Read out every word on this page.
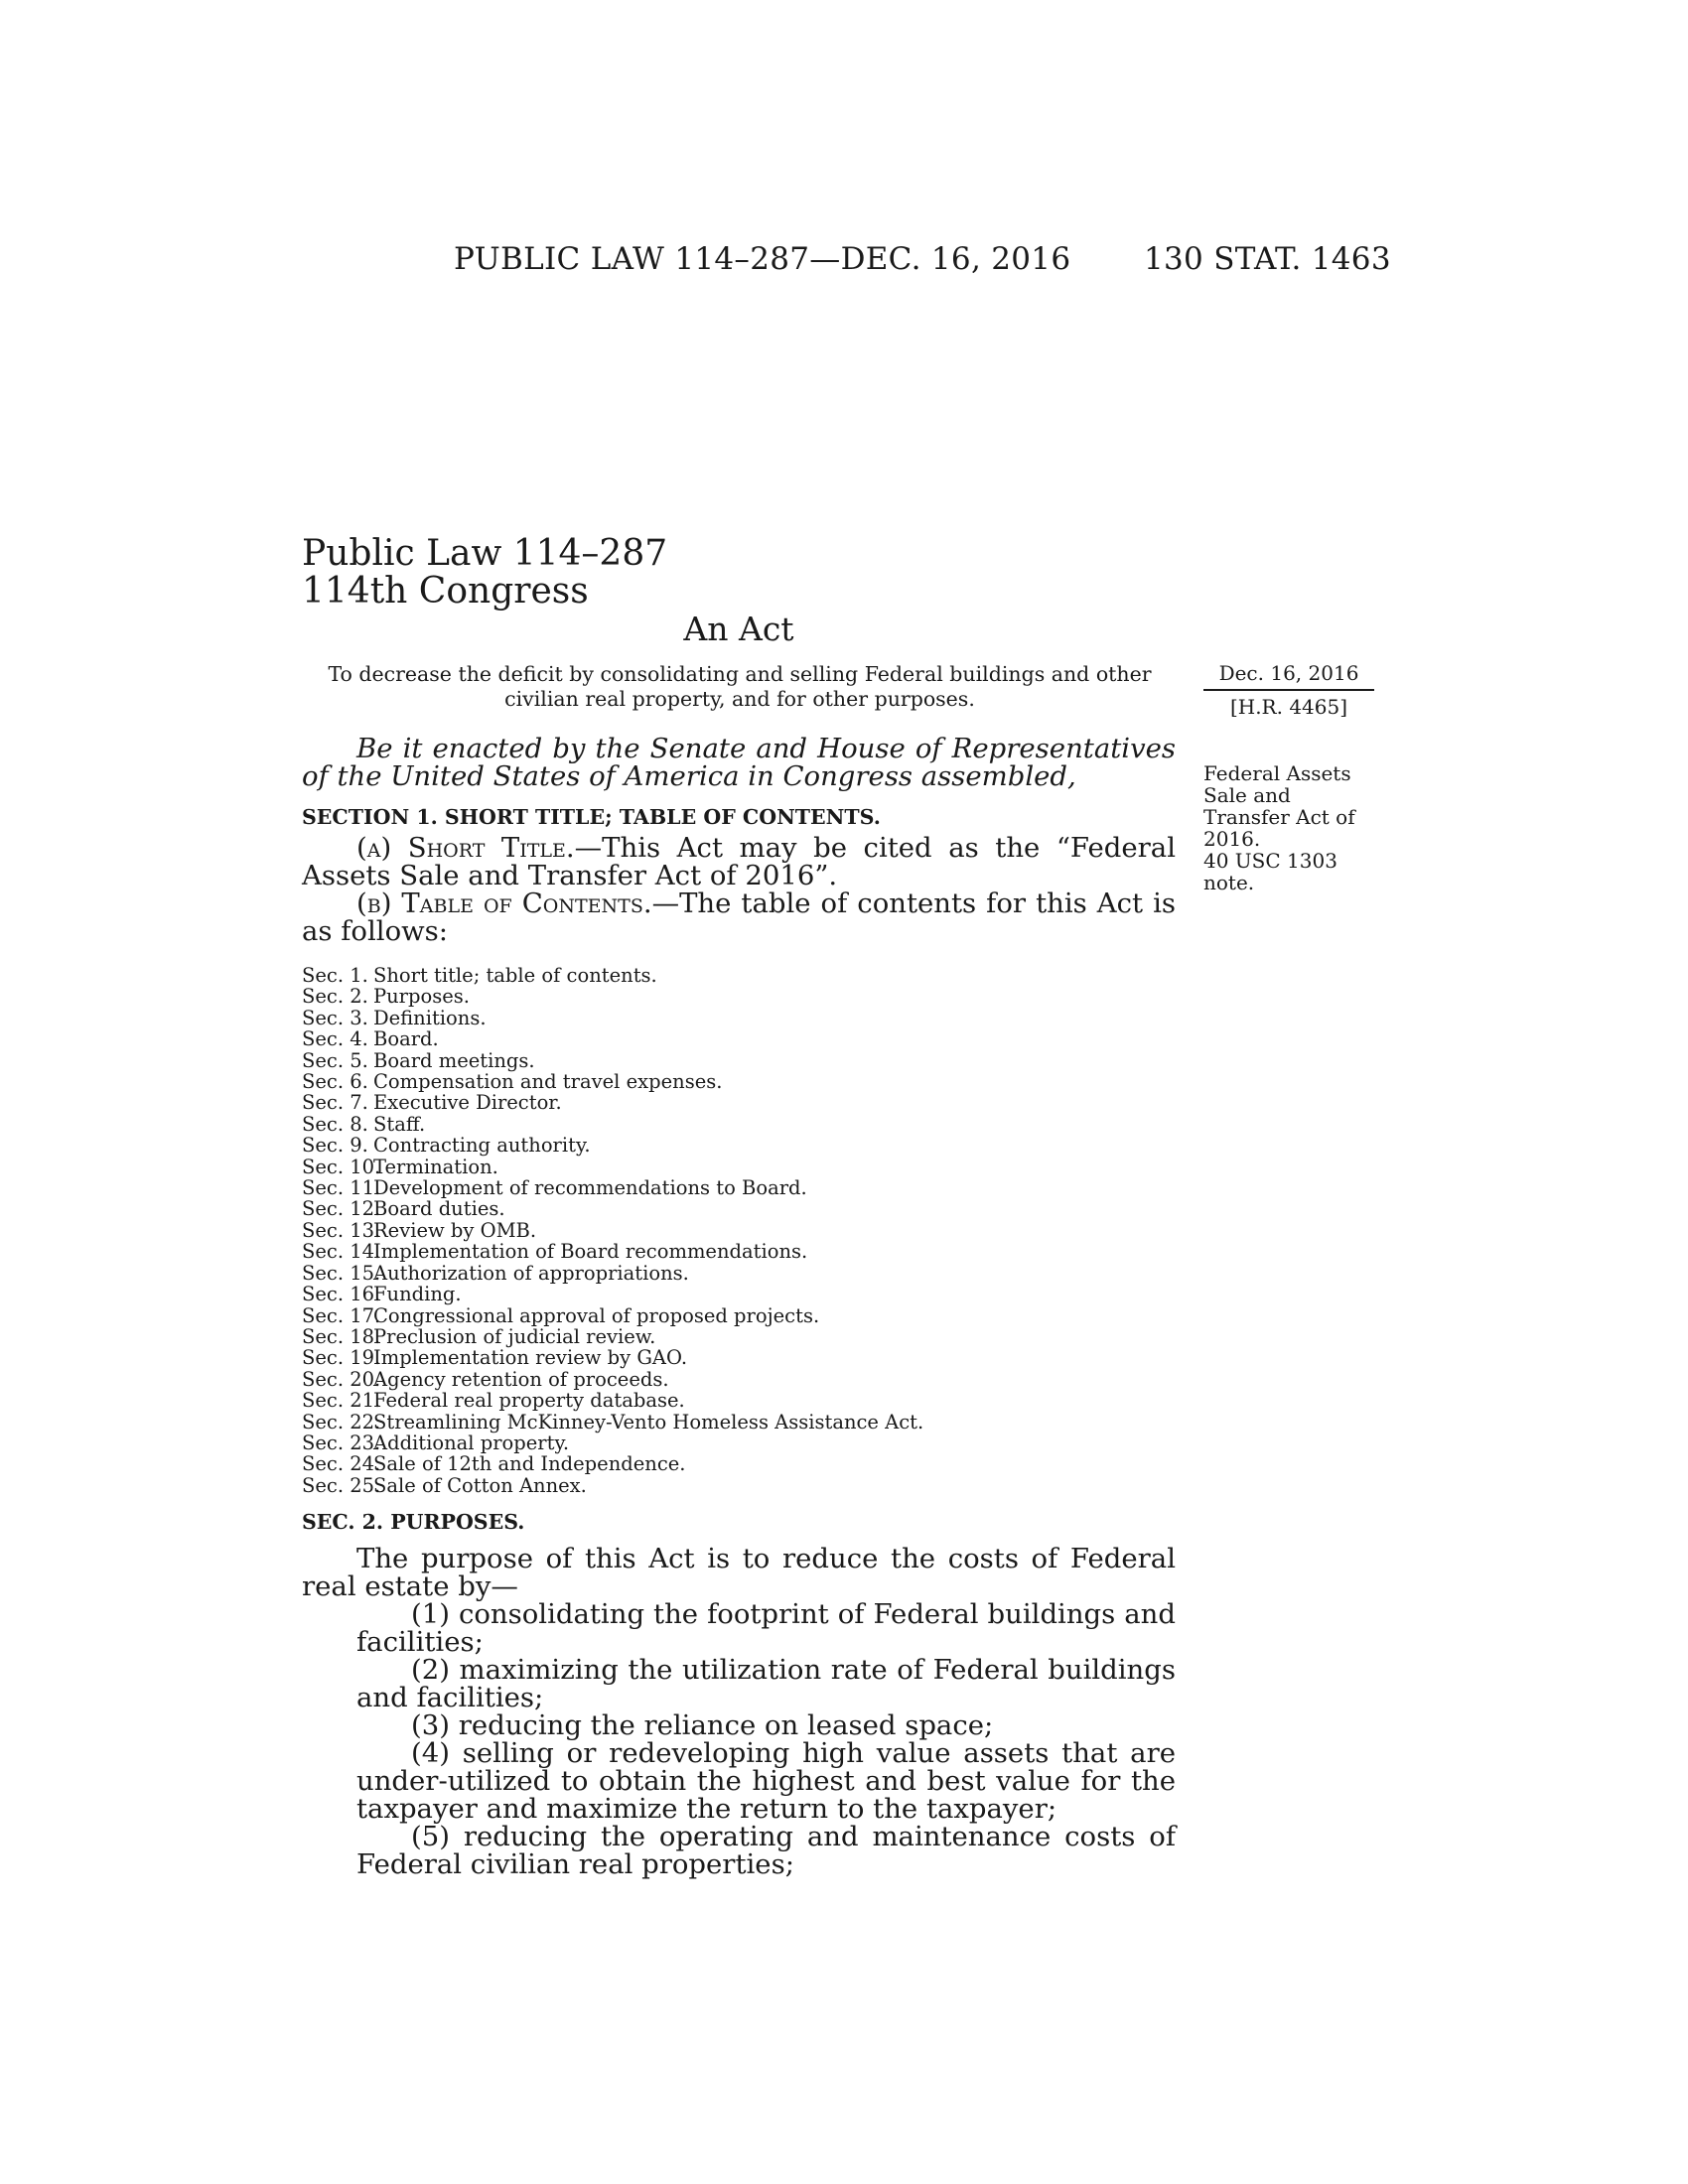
PUBLIC LAW 114–287—DEC. 16, 2016 130 STAT. 1463
Public Law 114–287
114th Congress
An Act
To decrease the deficit by consolidating and selling Federal buildings and other civilian real property, and for other purposes.
Dec. 16, 2016
[H.R. 4465]
Federal Assets
Sale and
Transfer Act of
2016.
40 USC 1303
note.
Be it enacted by the Senate and House of Representatives of the United States of America in Congress assembled,
SECTION 1. SHORT TITLE; TABLE OF CONTENTS.
(a) Short Title.—This Act may be cited as the “Federal Assets Sale and Transfer Act of 2016”.
(b) Table of Contents.—The table of contents for this Act is as follows:
Sec. 1. Short title; table of contents.
Sec. 2. Purposes.
Sec. 3. Definitions.
Sec. 4. Board.
Sec. 5. Board meetings.
Sec. 6. Compensation and travel expenses.
Sec. 7. Executive Director.
Sec. 8. Staff.
Sec. 9. Contracting authority.
Sec. 10.
Termination.
Sec. 11.
Development of recommendations to Board.
Sec. 12.
Board duties.
Sec. 13.
Review by OMB.
Sec. 14.
Implementation of Board recommendations.
Sec. 15.
Authorization of appropriations.
Sec. 16.
Funding.
Sec. 17.
Congressional approval of proposed projects.
Sec. 18.
Preclusion of judicial review.
Sec. 19.
Implementation review by GAO.
Sec. 20.
Agency retention of proceeds.
Sec. 21.
Federal real property database.
Sec. 22.
Streamlining McKinney-Vento Homeless Assistance Act.
Sec. 23.
Additional property.
Sec. 24.
Sale of 12th and Independence.
Sec. 25.
Sale of Cotton Annex.
SEC. 2. PURPOSES.
The purpose of this Act is to reduce the costs of Federal real estate by—
(1) consolidating the footprint of Federal buildings and facilities;
(2) maximizing the utilization rate of Federal buildings and facilities;
(3) reducing the reliance on leased space;
(4) selling or redeveloping high value assets that are under-utilized to obtain the highest and best value for the taxpayer and maximize the return to the taxpayer;
(5) reducing the operating and maintenance costs of Federal civilian real properties;
